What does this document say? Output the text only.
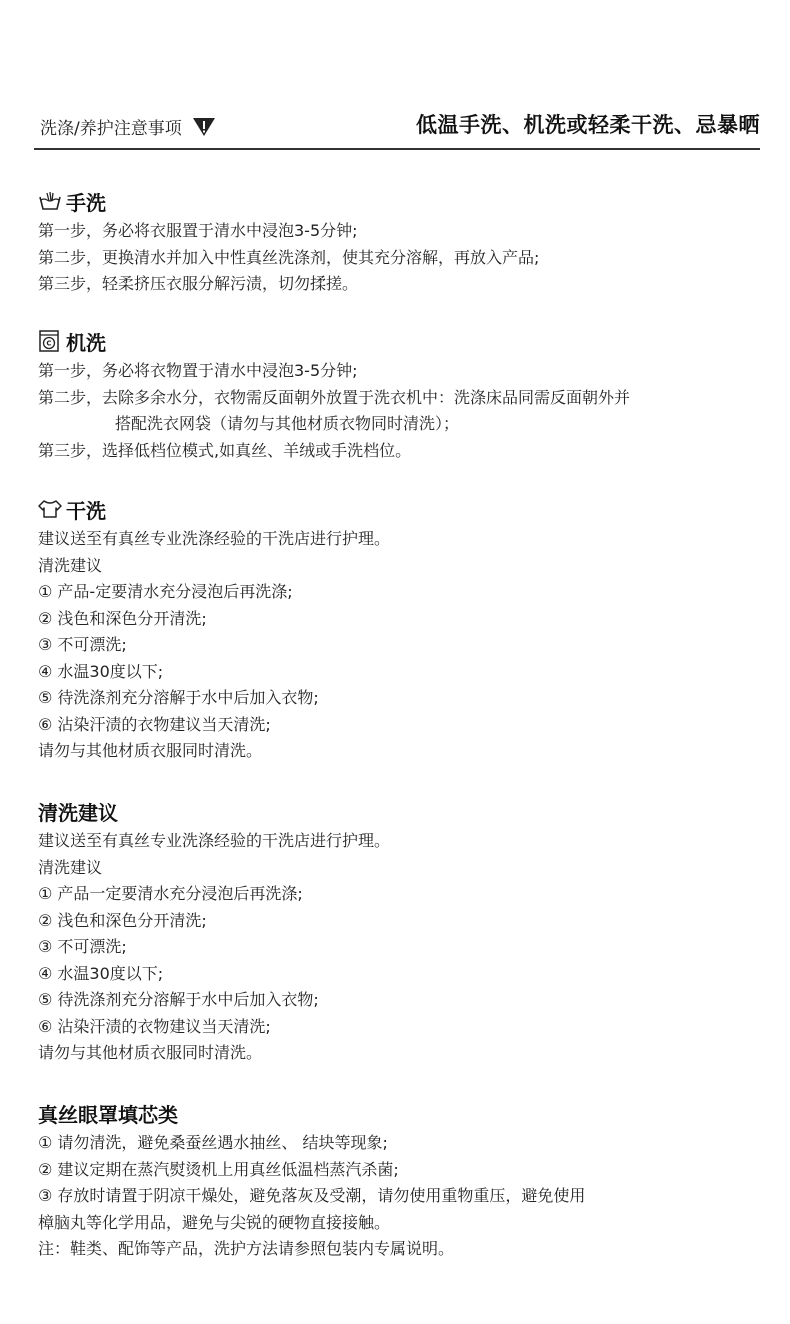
洗涤/养护注意事项	低温手洗、机洗或轻柔干洗、忌暴晒
手洗
第一步，务必将衣服置于清水中浸泡3-5分钟;
第二步，更换清水并加入中性真丝洗涤剂，使其充分溶解，再放入产品;
第三步，轻柔挤压衣服分解污渍，切勿揉搓。
C 机洗
第一步，务必将衣物置于清水中浸泡3-5分钟;
第二步，去除多余水分，衣物需反面朝外放置于洗衣机中：洗涤床品同需反面朝外并
搭配洗衣网袋（请勿与其他材质衣物同时清洗）；
第三步，选择低档位模式,如真丝、羊绒或手洗档位。
干洗
建议送至有真丝专业洗涤经验的干洗店进行护理。
清洗建议
① 产品-定要清水充分浸泡后再洗涤;
② 浅色和深色分开清洗;
③ 不可漂洗;
④ 水温30度以下;
⑤ 待洗涤剂充分溶解于水中后加入衣物;
⑥ 沾染汗渍的衣物建议当天清洗;
请勿与其他材质衣服同时清洗。
清洗建议
建议送至有真丝专业洗涤经验的干洗店进行护理。
清洗建议
① 产品一定要清水充分浸泡后再洗涤;
② 浅色和深色分开清洗;
③ 不可漂洗;
④ 水温30度以下;
⑤ 待洗涤剂充分溶解于水中后加入衣物;
⑥ 沾染汗渍的衣物建议当天清洗;
请勿与其他材质衣服同时清洗。
真丝眼罩填芯类
① 请勿清洗，避免桑蚕丝遇水抽丝、 结块等现象;
② 建议定期在蒸汽熨烫机上用真丝低温档蒸汽杀菌;
③ 存放时请置于阴凉干燥处，避免落灰及受潮，请勿使用重物重压，避免使用
樟脑丸等化学用品，避免与尖锐的硬物直接接触。
注：鞋类、配饰等产品，洗护方法请参照包装内专属说明。
